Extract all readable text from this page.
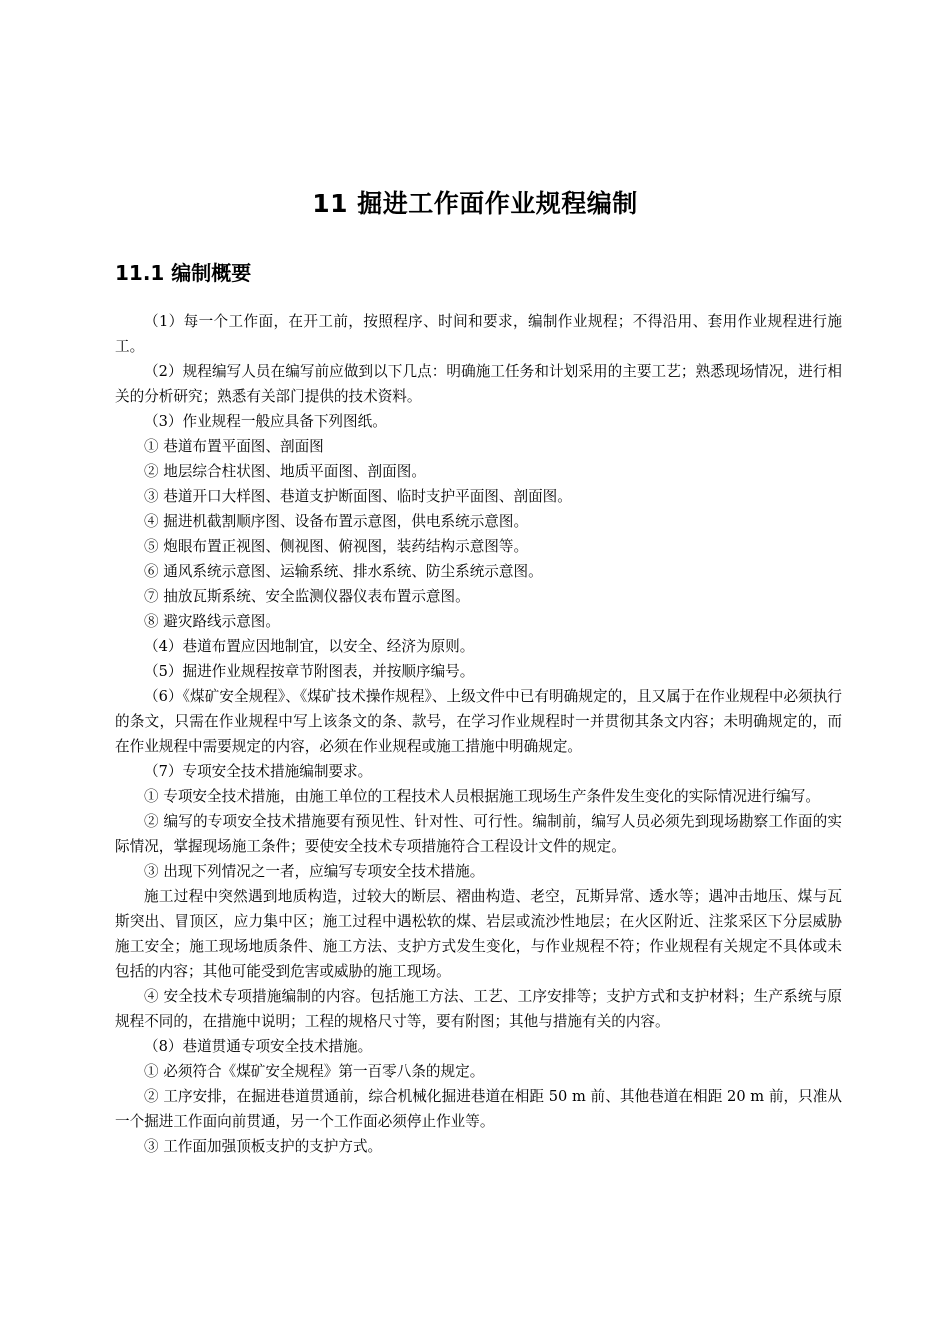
11 掘进工作面作业规程编制
11.1 编制概要

（1）每一个工作面，在开工前，按照程序、时间和要求，编制作业规程；不得沿用、套用作业规程进行施工。

（2）规程编写人员在编写前应做到以下几点：明确施工任务和计划采用的主要工艺；熟悉现场情况，进行相关的分析研究；熟悉有关部门提供的技术资料。

（3）作业规程一般应具备下列图纸。

① 巷道布置平面图、剖面图

② 地层综合柱状图、地质平面图、剖面图。

③ 巷道开口大样图、巷道支护断面图、临时支护平面图、剖面图。

④ 掘进机截割顺序图、设备布置示意图，供电系统示意图。

⑤ 炮眼布置正视图、侧视图、俯视图，装药结构示意图等。

⑥ 通风系统示意图、运输系统、排水系统、防尘系统示意图。

⑦ 抽放瓦斯系统、安全监测仪器仪表布置示意图。

⑧ 避灾路线示意图。

（4）巷道布置应因地制宜，以安全、经济为原则。

（5）掘进作业规程按章节附图表，并按顺序编号。

（6）《煤矿安全规程》、《煤矿技术操作规程》、上级文件中已有明确规定的，且又属于在作业规程中必须执行的条文，只需在作业规程中写上该条文的条、款号，在学习作业规程时一并贯彻其条文内容；未明确规定的，而在作业规程中需要规定的内容，必须在作业规程或施工措施中明确规定。

（7）专项安全技术措施编制要求。

① 专项安全技术措施，由施工单位的工程技术人员根据施工现场生产条件发生变化的实际情况进行编写。

② 编写的专项安全技术措施要有预见性、针对性、可行性。编制前，编写人员必须先到现场勘察工作面的实际情况，掌握现场施工条件；要使安全技术专项措施符合工程设计文件的规定。

③ 出现下列情况之一者，应编写专项安全技术措施。

施工过程中突然遇到地质构造，过较大的断层、褶曲构造、老空，瓦斯异常、透水等；遇冲击地压、煤与瓦斯突出、冒顶区，应力集中区；施工过程中遇松软的煤、岩层或流沙性地层；在火区附近、注浆采区下分层威胁施工安全；施工现场地质条件、施工方法、支护方式发生变化，与作业规程不符；作业规程有关规定不具体或未包括的内容；其他可能受到危害或威胁的施工现场。

④ 安全技术专项措施编制的内容。包括施工方法、工艺、工序安排等；支护方式和支护材料；生产系统与原规程不同的，在措施中说明；工程的规格尺寸等，要有附图；其他与措施有关的内容。

（8）巷道贯通专项安全技术措施。

① 必须符合《煤矿安全规程》第一百零八条的规定。

② 工序安排，在掘进巷道贯通前，综合机械化掘进巷道在相距 50 m 前、其他巷道在相距 20 m 前，只准从一个掘进工作面向前贯通，另一个工作面必须停止作业等。

③ 工作面加强顶板支护的支护方式。
